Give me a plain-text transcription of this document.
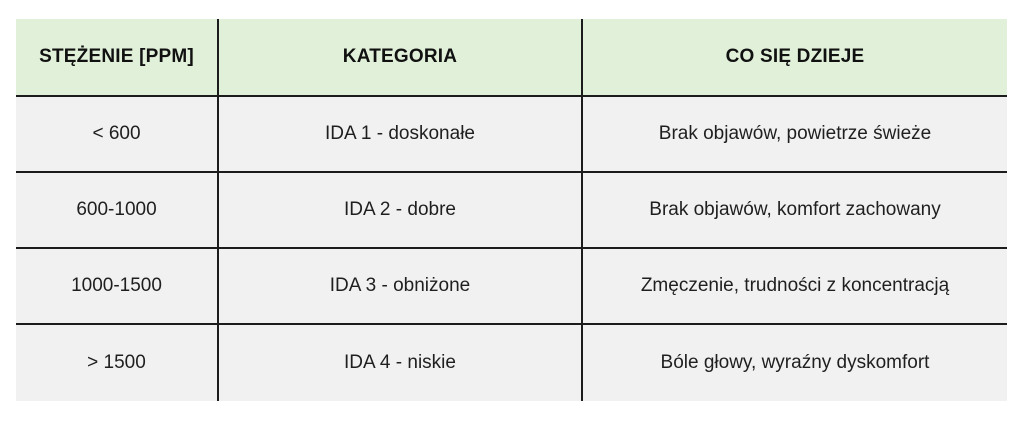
STĘŻENIE [PPM]	KATEGORIA	CO SIĘ DZIEJE
< 600	IDA 1 - doskonałe	Brak objawów, powietrze świeże
600-1000	IDA 2 - dobre	Brak objawów, komfort zachowany
1000-1500	IDA 3 - obniżone	Zmęczenie, trudności z koncentracją
> 1500	IDA 4 - niskie	Bóle głowy, wyraźny dyskomfort
